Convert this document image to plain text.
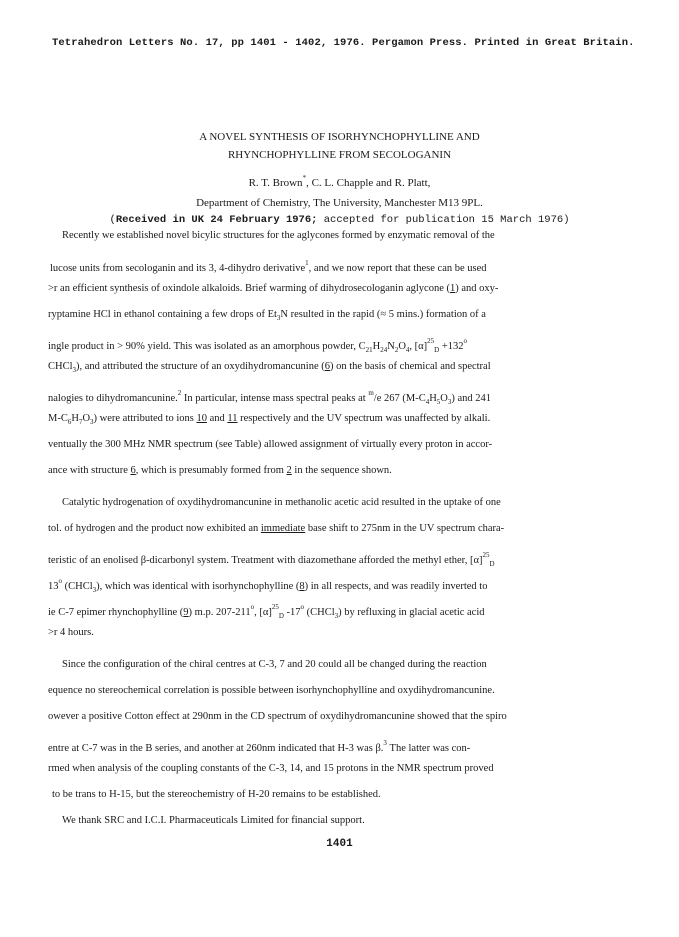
Tetrahedron Letters No. 17, pp 1401 - 1402, 1976. Pergamon Press. Printed in Great Britain.
A NOVEL SYNTHESIS OF ISORHYNCHOPHYLLINE AND
RHYNCHOPHYLLINE FROM SECOLOGANIN
R. T. Brown*, C. L. Chapple and R. Platt,
Department of Chemistry, The University, Manchester M13 9PL.
(Received in UK 24 February 1976; accepted for publication 15 March 1976)
Recently we established novel bicylic structures for the aglycones formed by enzymatic removal of the
lucose units from secologanin and its 3, 4-dihydro derivative$^1$, and we now report that these can be used
>r an efficient synthesis of oxindole alkaloids. Brief warming of dihydrosecologanin aglycone (1) and oxy-
ryptamine HCl in ethanol containing a few drops of $Et_3N$ resulted in the rapid (≈ 5 mins.) formation of a
ingle product in > 90% yield. This was isolated as an amorphous powder, $C_{21}H_{24}N_2O_4$, $[\alpha]^{25}_D +132^o$
CHCl$_3$), and attributed the structure of an oxydihydromancunine (6) on the basis of chemical and spectral
nalogies to dihydromancunine.$^2$ In particular, intense mass spectral peaks at $^m$/e 267 $(M-C_4H_5O_3)$ and 241
$M-C_6H_7O_3$) were attributed to ions 10 and 11 respectively and the UV spectrum was unaffected by alkali.
ventually the 300 MHz NMR spectrum (see Table) allowed assignment of virtually every proton in accor-
ance with structure 6, which is presumably formed from 2 in the sequence shown.
Catalytic hydrogenation of oxydihydromancunine in methanolic acetic acid resulted in the uptake of one
tol. of hydrogen and the product now exhibited an immediate base shift to 275nm in the UV spectrum chara-
teristic of an enolised β-dicarbonyl system. Treatment with diazomethane afforded the methyl ether, $[\alpha]^{25}_D$
13$^o$ (CHCl$_3$), which was identical with isorhynchophylline (8) in all respects, and was readily inverted to
ie C-7 epimer rhynchophylline (9) m.p. 207-211$^o$, $[\alpha]^{25}_D$ -17$^o$ (CHCl$_3$) by refluxing in glacial acetic acid
>r 4 hours.
Since the configuration of the chiral centres at C-3, 7 and 20 could all be changed during the reaction
equence no stereochemical correlation is possible between isorhynchophylline and oxydihydromancunine.
owever a positive Cotton effect at 290nm in the CD spectrum of oxydihydromancunine showed that the spiro
entre at C-7 was in the B series, and another at 260nm indicated that H-3 was β.$^3$ The latter was con-
rmed when analysis of the coupling constants of the C-3, 14, and 15 protons in the NMR spectrum proved
to be trans to H-15, but the stereochemistry of H-20 remains to be established.
We thank SRC and I.C.I. Pharmaceuticals Limited for financial support.
1401
